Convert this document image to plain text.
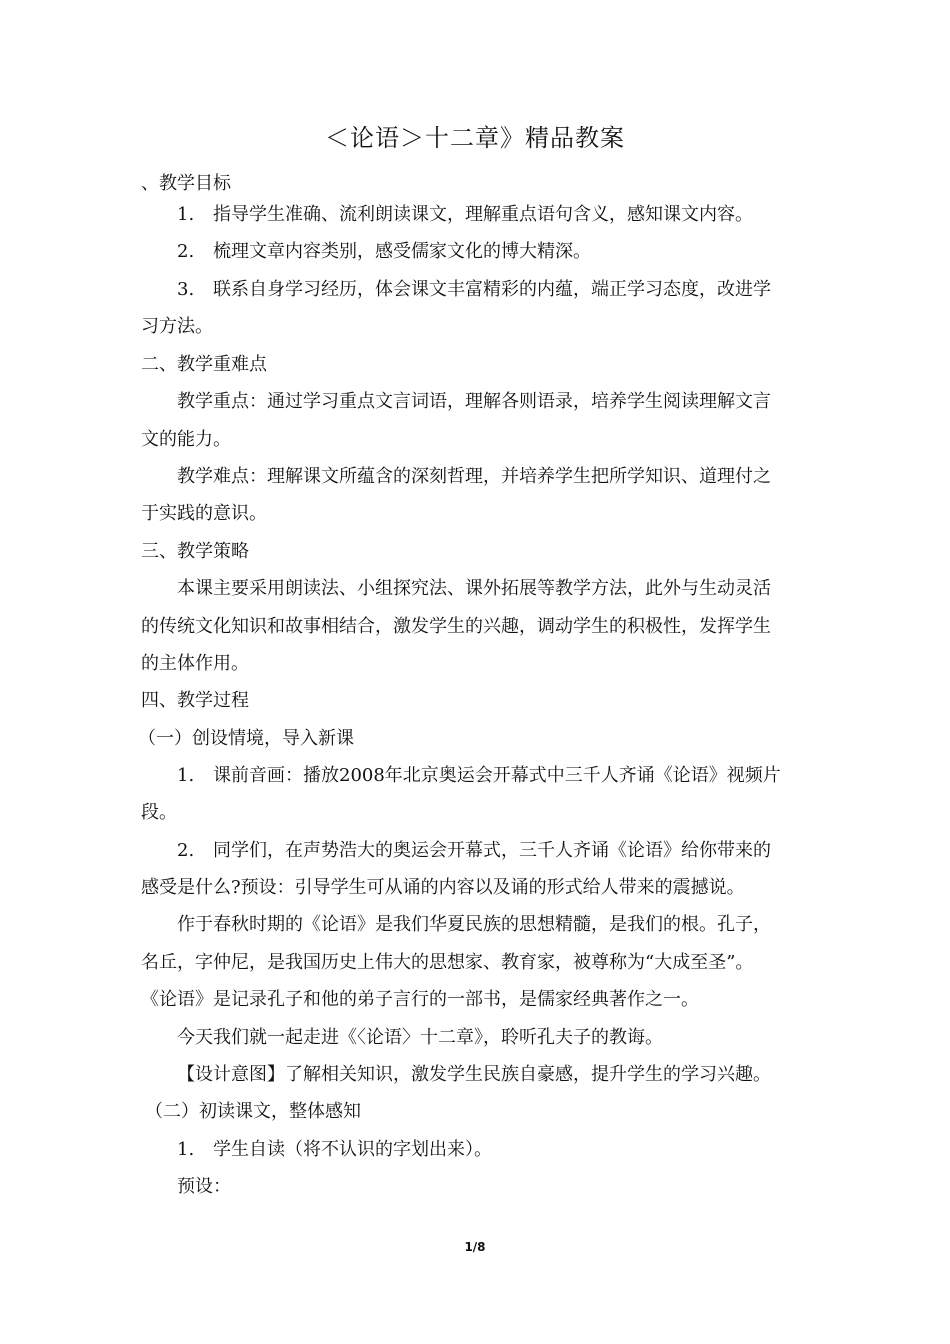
＜论语＞十二章》精品教案
、教学目标
1. 指导学生准确、流利朗读课文，理解重点语句含义，感知课文内容。
2. 梳理文章内容类别，感受儒家文化的博大精深。
3. 联系自身学习经历，体会课文丰富精彩的内蕴，端正学习态度，改进学
习方法。
二、教学重难点
教学重点：通过学习重点文言词语，理解各则语录，培养学生阅读理解文言
文的能力。
教学难点：理解课文所蕴含的深刻哲理，并培养学生把所学知识、道理付之
于实践的意识。
三、教学策略
本课主要采用朗读法、小组探究法、课外拓展等教学方法，此外与生动灵活
的传统文化知识和故事相结合，激发学生的兴趣，调动学生的积极性，发挥学生
的主体作用。
四、教学过程
（一）创设情境，导入新课
1. 课前音画：播放2008年北京奥运会开幕式中三千人齐诵《论语》视频片
段。
2. 同学们，在声势浩大的奥运会开幕式，三千人齐诵《论语》给你带来的
感受是什么?预设：引导学生可从诵的内容以及诵的形式给人带来的震撼说。
作于春秋时期的《论语》是我们华夏民族的思想精髓，是我们的根。孔子，
名丘，字仲尼，是我国历史上伟大的思想家、教育家，被尊称为“大成至圣”。
《论语》是记录孔子和他的弟子言行的一部书，是儒家经典著作之一。
今天我们就一起走进《〈论语〉十二章》，聆听孔夫子的教诲。
【设计意图】了解相关知识，激发学生民族自豪感，提升学生的学习兴趣。
（二）初读课文，整体感知
1. 学生自读（将不认识的字划出来）。
预设：
1/8
